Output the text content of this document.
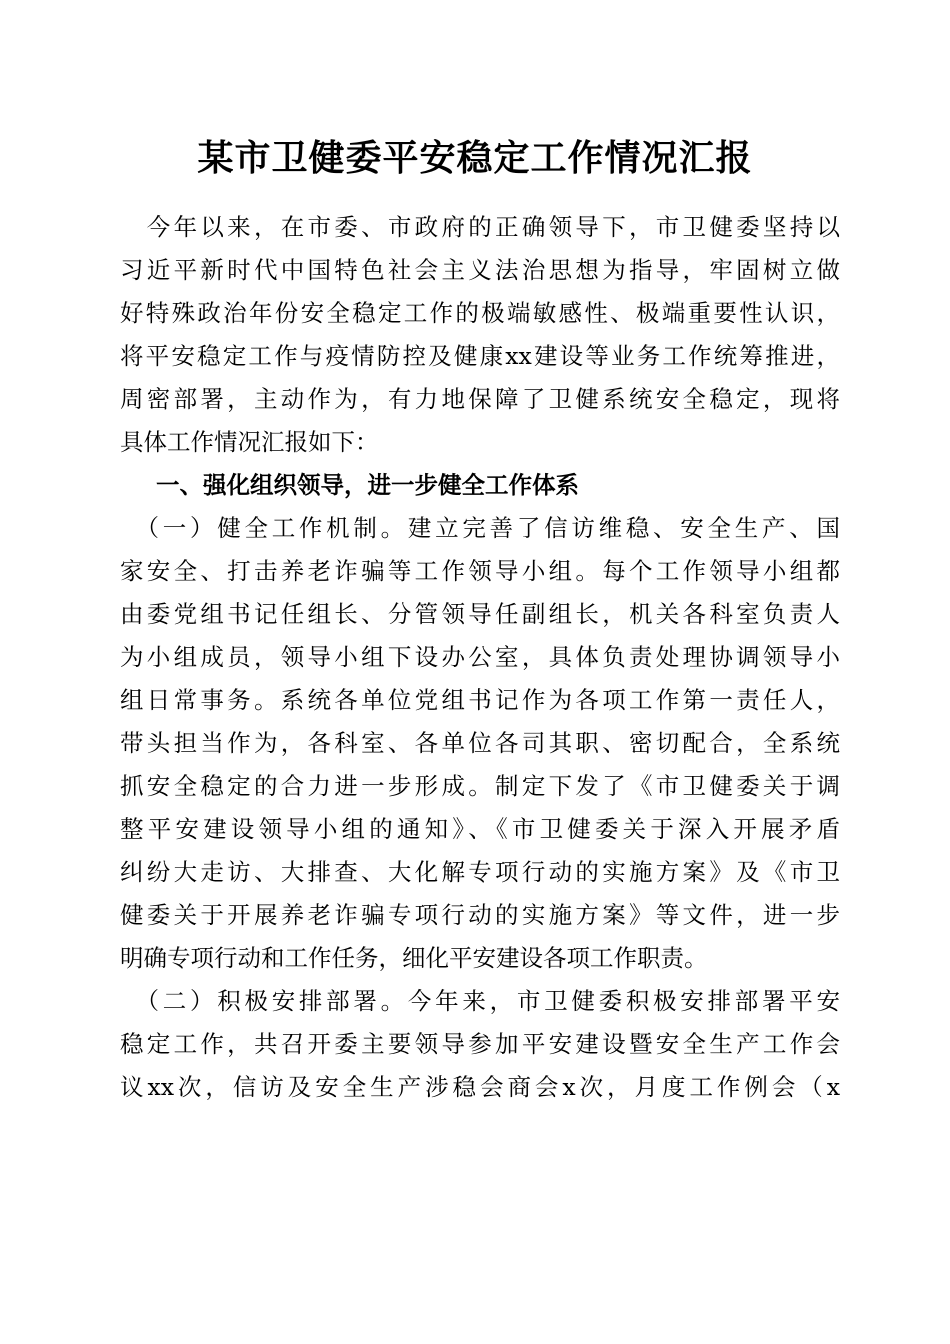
某市卫健委平安稳定工作情况汇报
　今年以来，在市委、市政府的正确领导下，市卫健委坚持以
习近平新时代中国特色社会主义法治思想为指导，牢固树立做
好特殊政治年份安全稳定工作的极端敏感性、极端重要性认识，
将平安稳定工作与疫情防控及健康xx建设等业务工作统筹推进，
周密部署，主动作为，有力地保障了卫健系统安全稳定，现将
具体工作情况汇报如下：
一、强化组织领导，进一步健全工作体系
　（一）健全工作机制。建立完善了信访维稳、安全生产、国
家安全、打击养老诈骗等工作领导小组。每个工作领导小组都
由委党组书记任组长、分管领导任副组长，机关各科室负责人
为小组成员，领导小组下设办公室，具体负责处理协调领导小
组日常事务。系统各单位党组书记作为各项工作第一责任人，
带头担当作为，各科室、各单位各司其职、密切配合，全系统
抓安全稳定的合力进一步形成。制定下发了《市卫健委关于调
整平安建设领导小组的通知》、《市卫健委关于深入开展矛盾
纠纷大走访、大排查、大化解专项行动的实施方案》及《市卫
健委关于开展养老诈骗专项行动的实施方案》等文件，进一步
明确专项行动和工作任务，细化平安建设各项工作职责。
　（二）积极安排部署。今年来，市卫健委积极安排部署平安
稳定工作，共召开委主要领导参加平安建设暨安全生产工作会
议xx次，信访及安全生产涉稳会商会x次，月度工作例会（x
